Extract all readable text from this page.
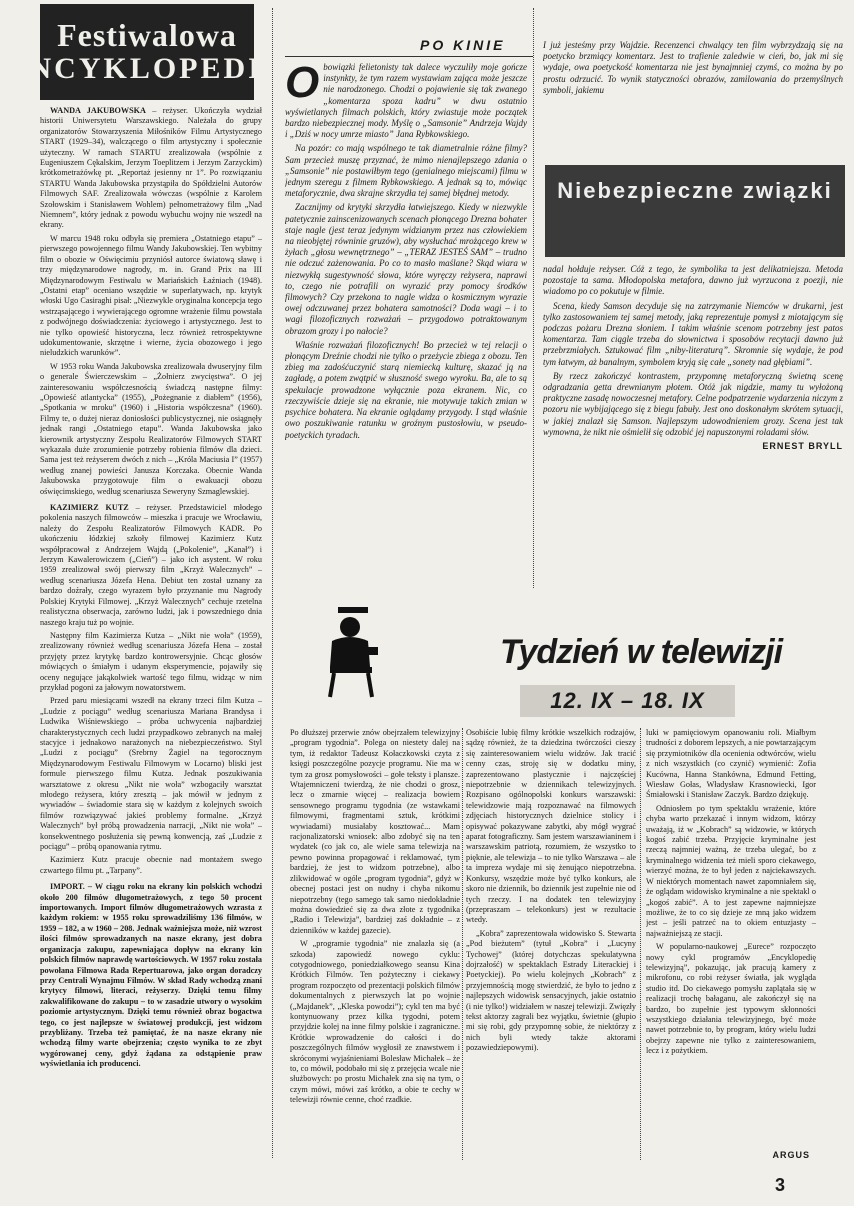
Festiwalowa
ENCYKLOPEDIA

WANDA JAKUBOWSKA – reżyser. Ukończyła wydział historii Uniwersytetu Warszawskiego. Należała do grupy organizatorów Stowarzyszenia Miłośników Filmu Artystycznego START (1929–34), walczącego o film artystyczny i społecznie użyteczny. W ramach STARTU zrealizowała (wspólnie z Eugeniuszem Cękalskim, Jerzym Toeplitzem i Jerzym Zarzyckim) krótkometrażówkę pt. „Reportaż jesienny nr 1”. Po rozwiązaniu STARTU Wanda Jakubowska przystąpiła do Spółdzielni Autorów Filmowych SAF. Zrealizowała wówczas (wspólnie z Karolem Szołowskim i Stanisławem Wohlem) pełnometrażowy film „Nad Niemnem”, który jednak z powodu wybuchu wojny nie wszedł na ekrany.

W marcu 1948 roku odbyła się premiera „Ostatniego etapu” – pierwszego powojennego filmu Wandy Jakubowskiej. Ten wybitny film o obozie w Oświęcimiu przyniósł autorce światową sławę i trzy międzynarodowe nagrody, m. in. Grand Prix na III Międzynarodowym Festiwalu w Mariańskich Łaźniach (1948). „Ostatni etap” oceniano wszędzie w superlatywach, np. krytyk włoski Ugo Casiraghi pisał: „Niezwykle oryginalna koncepcja tego wstrząsającego i wywierającego ogromne wrażenie filmu powstała z podwójnego doświadczenia: życiowego i artystycznego. Jest to nie tylko opowieść historyczna, lecz również retrospektywne udokumentowanie, skrzętne i wierne, życia obozowego i jego nieludzkich warunków”.

W 1953 roku Wanda Jakubowska zrealizowała dwuseryjny film o generale Świerczewskim – „Żołnierz zwycięstwa”. O jej zainteresowaniu współczesnością świadczą następne filmy: „Opowieść atlantycka” (1955), „Pożegnanie z diabłem” (1956), „Spotkania w mroku” (1960) i „Historia współczesna” (1960). Filmy te, o dużej nieraz doniosłości publicystycznej, nie osiągnęły jednak rangi „Ostatniego etapu”. Wanda Jakubowska jako kierownik artystyczny Zespołu Realizatorów Filmowych START wykazała duże zrozumienie potrzeby robienia filmów dla dzieci. Sama jest też reżyserem dwóch z nich – „Króla Maciusia I” (1957) według znanej powieści Janusza Korczaka. Obecnie Wanda Jakubowska przygotowuje film o ewakuacji obozu oświęcimskiego, według scenariusza Seweryny Szmaglewskiej.

KAZIMIERZ KUTZ – reżyser. Przedstawiciel młodego pokolenia naszych filmowców – mieszka i pracuje we Wrocławiu, należy do Zespołu Realizatorów Filmowych KADR. Po ukończeniu łódzkiej szkoły filmowej Kazimierz Kutz współpracował z Andrzejem Wajdą („Pokolenie”, „Kanał”) i Jerzym Kawalerowiczem („Cień”) – jako ich asystent. W roku 1959 zrealizował swój pierwszy film „Krzyż Walecznych” – według scenariusza Józefa Hena. Debiut ten został uznany za bardzo doźrały, czego wyrazem było przyznanie mu Nagrody Polskiej Krytyki Filmowej. „Krzyż Walecznych” cechuje rzetelna realistyczna obserwacja, zarówno ludzi, jak i powszedniego dnia naszego kraju tuż po wojnie.

Następny film Kazimierza Kutza – „Nikt nie woła” (1959), zrealizowany również według scenariusza Józefa Hena – został przyjęty przez krytykę bardzo kontrowersyjnie. Chcąc głosów mówiących o śmiałym i udanym eksperymencie, pojawiły się oceny negujące jakąkolwiek wartość tego filmu, widząc w nim przykład pogoni za jałowym nowatorstwem.

Przed paru miesiącami wszedł na ekrany trzeci film Kutza – „Ludzie z pociągu” według scenariusza Mariana Brandysa i Ludwika Wiśniewskiego – próba uchwycenia najbardziej charakterystycznych cech ludzi przypadkowo zebranych na małej stacyjce i jednakowo narażonych na niebezpieczeństwo. Styl „Ludzi z pociągu” (Srebrny Żagiel na tegorocznym Międzynarodowym Festiwalu Filmowym w Locarno) bliski jest formule pierwszego filmu Kutza. Jednak poszukiwania warsztatowe z okresu „Nikt nie woła” wzbogaciły warsztat młodego reżysera, który zresztą – jak mówił w jednym z wywiadów – świadomie stara się w każdym z kolejnych swoich filmów rozwiązywać jakieś problemy formalne. „Krzyż Walecznych” był próbą prowadzenia narracji, „Nikt nie woła” – konsekwentnego posłużenia się pewną konwencją, zaś „Ludzie z pociągu” – próbą opanowania rytmu.

Kazimierz Kutz pracuje obecnie nad montażem swego czwartego filmu pt. „Tarpany”.

IMPORT. – W ciągu roku na ekrany kin polskich wchodzi około 200 filmów długometrażowych, z tego 50 procent importowanych. Import filmów długometrażowych wzrasta z każdym rokiem: w 1955 roku sprowadziliśmy 136 filmów, w 1959 – 182, a w 1960 – 208. Jednak ważniejsza może, niż wzrost ilości filmów sprowadzanych na nasze ekrany, jest dobra organizacja zakupu, zapewniająca dopływ na ekrany kin polskich filmów naprawdę wartościowych. W 1957 roku została powołana Filmowa Rada Repertuarowa, jako organ doradczy przy Centrali Wynajmu Filmów. W skład Rady wchodzą znani krytycy filmowi, literaci, reżyserzy. Dzięki temu filmy zakwalifikowane do zakupu – to w zasadzie utwory o wysokim poziomie artystycznym. Dzięki temu również obraz bogactwa tego, co jest najlepsze w światowej produkcji, jest widzom przybliżany. Trzeba też pamiętać, że na nasze ekrany nie wchodzą filmy warte obejrzenia; często wynika to ze zbyt wygórowanej ceny, gdyż żądana za odstąpienie praw wyświetlania ich producenci.

PO KINIE

Obowiązki felietonisty tak dalece wyczuliły moje gończe instynkty, że tym razem wystawiam zająca może jeszcze nie narodzonego. Chodzi o pojawienie się tak zwanego „komentarza spoza kadru” w dwu ostatnio wyświetlanych filmach polskich, który zwiastuje może początek bardzo niebezpiecznej mody. Myślę o „Samsonie” Andrzeja Wajdy i „Dziś w nocy umrze miasto” Jana Rybkowskiego.

Na pozór: co mają wspólnego te tak diametralnie różne filmy? Sam przecież muszę przyznać, że mimo nienajlepszego zdania o „Samsonie” nie postawiłbym tego (genialnego miejscami) filmu w jednym szeregu z filmem Rybkowskiego. A jednak są to, mówiąc metaforycznie, dwa skrajne skrzydła tej samej błędnej metody.

Zacznijmy od krytyki skrzydła łatwiejszego. Kiedy w niezwykle patetycznie zainscenizowanych scenach płonącego Drezna bohater staje nagle (jest teraz jedynym widzianym przez nas człowiekiem na nieobjętej równinie gruzów), aby wysłuchać mrożącego krew w żyłach „głosu wewnętrznego” – „TERAZ JESTEŚ SAM” – trudno nie odczuć zażenowania. Po co to masło maślane? Skąd wiara w niezwykłą sugestywność słowa, które wyręczy reżysera, naprawi to, czego nie potrafili on wyrazić przy pomocy środków filmowych? Czy przekona to nagle widza o kosmicznym wyrazie owej odczuwanej przez bohatera samotności? Doda wagi – i to wagi filozoficznych rozważań – przygodowo potraktowanym obrazom grozy i po nałocie?

Właśnie rozważań filozoficznych! Bo przecież w tej relacji o płonącym Dreźnie chodzi nie tylko o przeżycie zbiega z obozu. Ten zbieg ma zadośćuczynić starą niemiecką kulturę, skazać ją na zagładę, a potem zwątpić w słuszność swego wyroku. Ba, ale to są spekulacje prowadzone wyłącznie poza ekranem. Nic, co rzeczywiście dzieje się na ekranie, nie motywuje takich zmian w psychice bohatera. Na ekranie oglądamy przygody. I stąd właśnie owo poszukiwanie ratunku w groźnym pustosłowiu, w pseudo-poetyckich tyradach.

I już jesteśmy przy Wajdzie. Recenzenci chwalący ten film wybrzydzają się na poetycko brzmiący komentarz. Jest to trafienie zaledwie w cień, bo, jak mi się wydaje, owa poetyckość komentarza nie jest bynajmniej czymś, co można by po prostu odrzucić. To wynik statyczności obrazów, zamilowania do przemyślnych symboli, jakiemu

Niebezpieczne związki

nadal hołduje reżyser. Cóż z tego, że symbolika ta jest delikatniejsza. Metoda pozostaje ta sama. Młodopolska metafora, dawno już wyrzucona z poezji, nie wiadomo po co pokutuje w filmie.

Scena, kiedy Samson decyduje się na zatrzymanie Niemców w drukarni, jest tylko zastosowaniem tej samej metody, jaką reprezentuje pomysł z miotającym się podczas pożaru Drezna słoniem. I takim właśnie scenom potrzebny jest patos komentarza. Tam ciągle trzeba do słownictwa i sposobów recytacji dawno już przebrzmiałych. Sztukować film „niby-literaturą”. Skromnie się wydaje, że pod tym łatwym, aż banalnym, symbolem kryją się całe „sonety nad głębiami”.

By rzecz zakończyć kontrastem, przypomnę metaforyczną świetną scenę odgradzania getta drewnianym płotem. Otóż jak nigdzie, mamy tu wyłożoną praktyczne zasadę nowoczesnej metafory. Celne podpatrzenie wydarzenia niczym z pozoru nie wybijającego się z biegu fabuły. Jest ono doskonałym skrótem sytuacji, w jakiej znalazł się Samson. Najlepszym udowodnieniem grozy. Scena jest tak wymowna, że nikt nie ośmielił się odzobić jej napuszonymi roladami słów.

ERNEST BRYLL
Tydzień w telewizji
12. IX – 18. IX

Po dłuższej przerwie znów obejrzałem telewizyjny „program tygodnia”. Polega on niestety dalej na tym, iż redaktor Tadeusz Kołaczkowski czyta z księgi poszczególne pozycje programu. Nie ma w tym za grosz pomysłowości – gołe teksty i plansze. Wtajemniczeni twierdzą, że nie chodzi o grosz, lecz o zmarnie więcej – realizacja bowiem sensownego programu tygodnia (ze wstawkami filmowymi, fragmentami sztuk, krótkimi wywiadami) musiałaby kosztować... Mam racjonalizatorski wniosek: albo zdobyć się na ten wydatek (co jak co, ale wiele sama telewizja na pewno powinna propagować i reklamować, tym bardziej, że jest to widzom potrzebne), albo zlikwidować w ogóle „program tygodnia”, gdyż w obecnej postaci jest on nudny i chyba nikomu niepotrzebny (tego samego tak samo niedokładnie można dowiedzieć się za dwa złote z tygodnika „Radio i Telewizja”, bardziej zaś dokładnie – z dzienników w każdej gazecie).

W „programie tygodnia” nie znalazła się (a szkoda) zapowiedź nowego cyklu: cotygodniowego, poniedziałkowego seansu Kina Krótkich Filmów. Ten pożyteczny i ciekawy program rozpoczęto od prezentacji polskich filmów dokumentalnych z pierwszych lat po wojnie („Majdanek”, „Kleska powodzi”); cykl ten ma być kontynuowany przez kilka tygodni, potem przyjdzie kolej na inne filmy polskie i zagraniczne. Krótkie wprowadzenie do całości i do poszczególnych filmów wygłosił ze znawstwem i skróconymi wyjaśnieniami Bolesław Michałek – że to, co mówił, podobało mi się z przejęcia wcale nie służbowych: po prostu Michałek zna się na tym, o czym mówi, mówi zaś krótko, a obie te cechy w telewizji równie cenne, choć rzadkie.

Osobiście lubię filmy krótkie wszelkich rodzajów, sądzę również, że ta dziedzina twórczości cieszy się zainteresowaniem wielu widzów. Jak tracić cenny czas, stroję się w dodatku miny, zaprezentowano plastycznie i najczęściej niepotrzebnie w dziennikach telewizyjnych. Rozpisano ogólnopolski konkurs warszawski: telewidzowie mają rozpoznawać na filmowych zdjęciach historycznych dzielnice stolicy i opisywać pokazywane zabytki, aby mógł wygrać aparat fotograficzny. Sam jestem warszawianinem i warszawskim patriotą, rozumiem, że wszystko to pięknie, ale telewizja – to nie tylko Warszawa – ale ta impreza wydaje mi się żenująco niepotrzebna. Konkursy, wszędzie może być tylko konkurs, ale skoro nie dziennik, bo dziennik jest zupełnie nie od tych rzeczy. I na dodatek ten telewizyjny (przepraszam – telekonkurs) jest w rezultacie wtedy.

„Kobra” zaprezentowała widowisko S. Stewarta „Pod bieżutem” (tytuł „Kobra” i „Lucyny Tychowej” (której dotychczas spekulatywna dojrzałość) w spektaklach Estrady Literackiej i Poetyckiej). Po wielu kolejnych „Kobrach” z przyjemnością mogę stwierdzić, że było to jedno z najlepszych widowisk sensacyjnych, jakie ostatnio (i nie tylko!) widziałem w naszej telewizji. Zwięzły tekst aktorzy zagrali bez wyjątku, świetnie (głupio mi się robi, gdy przypomnę sobie, że niektórzy z nich byli wtedy także aktorami pozawiedziepowymi).

luki w pamięciowym opanowaniu roli. Miałbym trudności z doborem lepszych, a nie powtarzającym się przymiotników dla ocenienia odtwórców, wielu z nich wszystkich (co czynić) wymienić: Zofia Kucówna, Hanna Stankówna, Edmund Fetting, Wiesław Gołas, Władysław Krasnowiecki, Igor Śmiałowski i Stanisław Zaczyk. Bardzo dziękuję.

Odniosłem po tym spektaklu wrażenie, które chyba warto przekazać i innym widzom, którzy uważają, iż w „Kobrach” są widzowie, w których kogoś zabić trzeba. Przyjęcie kryminalne jest rzeczą najmniej ważną, że trzeba ulegać, bo z kryminalnego widzenia też mieli sporo ciekawego, wierzyć można, że to był jeden z najciekawszych. W niektórych momentach nawet zapomniałem się, że oglądam widowisko kryminalne a nie spektakl o „kogoś zabić”. A to jest zapewne najmniejsze możliwe, że to co się dzieje ze mną jako widzem jest – jeśli patrzeć na to okiem entuzjasty – najważniejszą ze stacji.

W popularno-naukowej „Eurece” rozpoczęto nowy cykl programów „Encyklopedię telewizyjną”, pokazując, jak pracują kamery z mikrofonu, co robi reżyser światła, jak wygląda studio itd. Do ciekawego pomysłu zaplątała się w realizacji trochę bałaganu, ale zakończył się na bardzo, bo zupełnie jest typowym skłonności wszystkiego działania telewizyjnego, być może nawet potrzebnie to, by program, który wielu ludzi obejrzy zapewne nie tylko z zainteresowaniem, lecz i z pożytkiem.

ARGUS
3
